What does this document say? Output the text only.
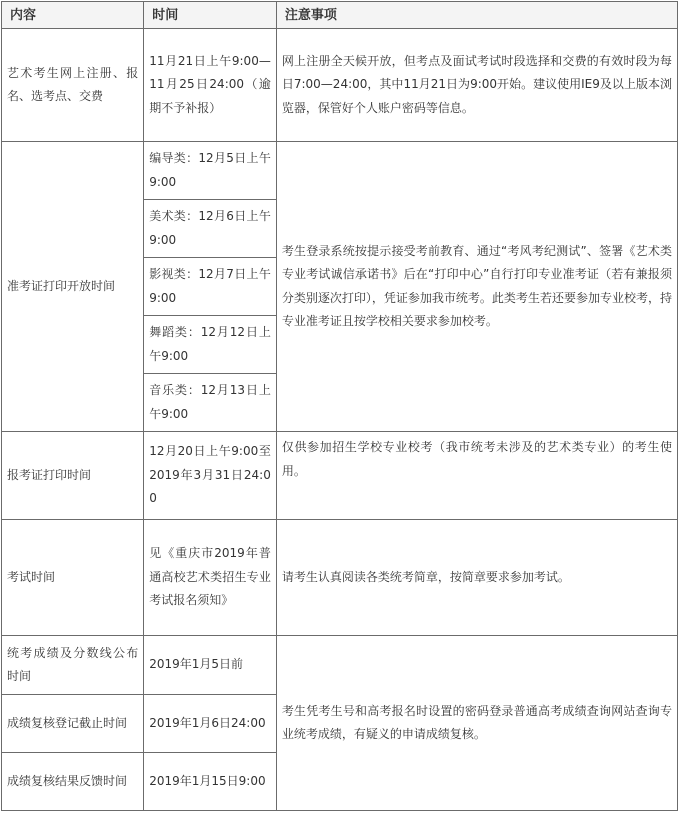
内容	时间	注意事项
艺术考生网上注册、报名、选考点、交费	11月21日上午9:00—11月25日24:00（逾期不予补报）	网上注册全天候开放，但考点及面试考试时段选择和交费的有效时段为每日7:00—24:00，其中11月21日为9:00开始。建议使用IE9及以上版本浏览器，保管好个人账户密码等信息。
准考证打印开放时间	编导类：12月5日上午9:00	考生登录系统按提示接受考前教育、通过“考风考纪测试”、签署《艺术类专业考试诚信承诺书》后在“打印中心”自行打印专业准考证（若有兼报须分类别逐次打印），凭证参加我市统考。此类考生若还要参加专业校考，持专业准考证且按学校相关要求参加校考。
	美术类：12月6日上午9:00	
	影视类：12月7日上午9:00	
	舞蹈类：12月12日上午9:00	
	音乐类：12月13日上午9:00	
报考证打印时间	12月20日上午9:00至2019年3月31日24:00	仅供参加招生学校专业校考（我市统考未涉及的艺术类专业）的考生使用。
考试时间	见《重庆市2019年普通高校艺术类招生专业考试报名须知》	请考生认真阅读各类统考简章，按简章要求参加考试。
统考成绩及分数线公布时间	2019年1月5日前	考生凭考生号和高考报名时设置的密码登录普通高考成绩查询网站查询专业统考成绩，有疑义的申请成绩复核。
成绩复核登记截止时间	2019年1月6日24:00	
成绩复核结果反馈时间	2019年1月15日9:00	
